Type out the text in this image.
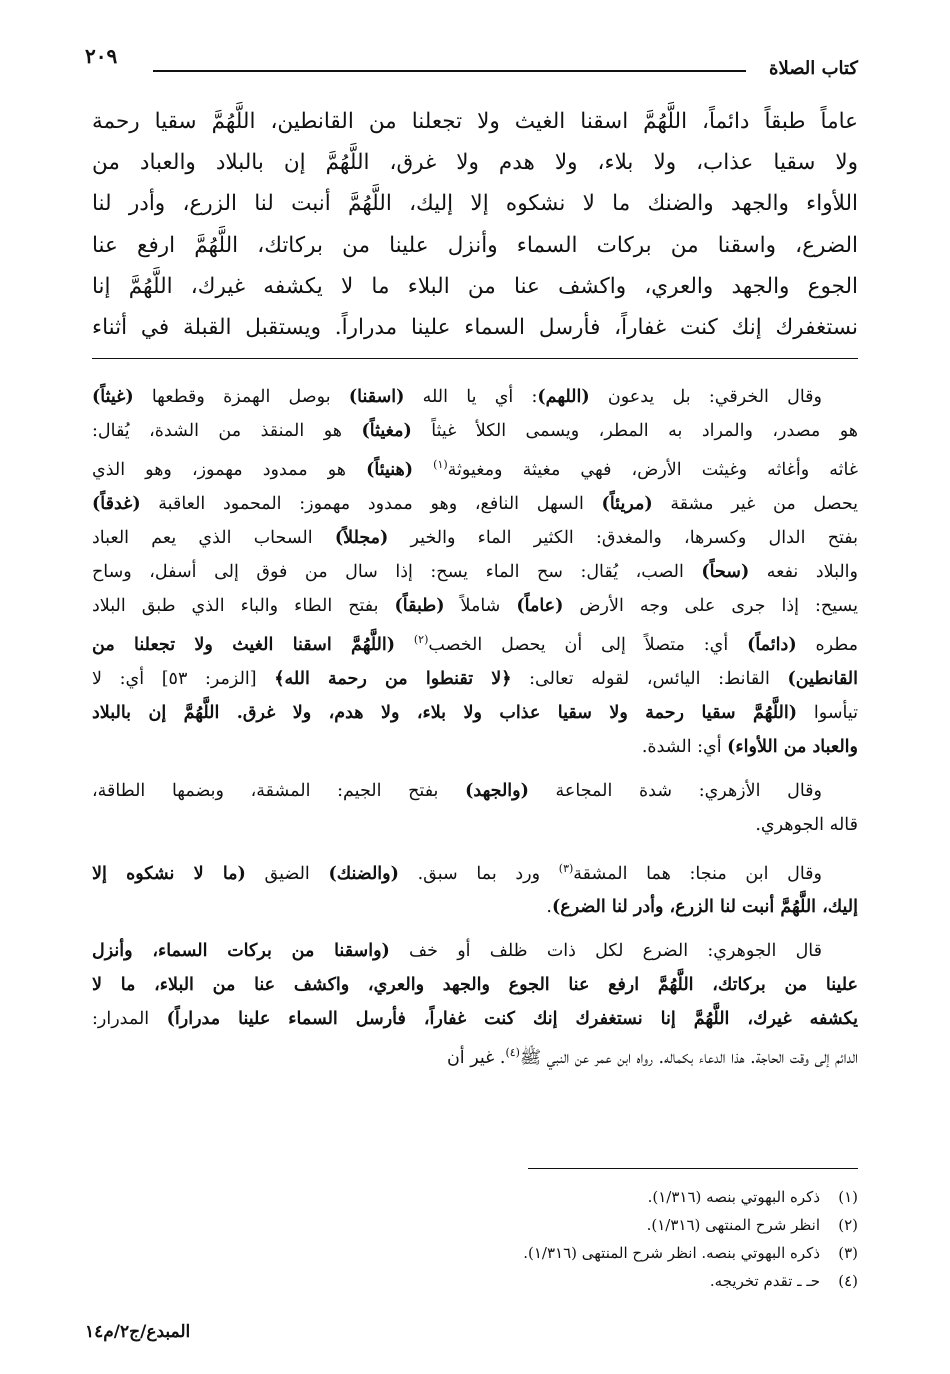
كتاب الصلاة
٢٠٩
عاماً طبقاً دائماً، اللَّهُمَّ اسقنا الغيث ولا تجعلنا من القانطين، اللَّهُمَّ سقيا رحمة
ولا سقيا عذاب، ولا بلاء، ولا هدم ولا غرق، اللَّهُمَّ إن بالبلاد والعباد من
اللأواء والجهد والضنك ما لا نشكوه إلا إليك، اللَّهُمَّ أنبت لنا الزرع، وأدر لنا
الضرع، واسقنا من بركات السماء وأنزل علينا من بركاتك، اللَّهُمَّ ارفع عنا
الجوع والجهد والعري، واكشف عنا من البلاء ما لا يكشفه غيرك، اللَّهُمَّ إنا
نستغفرك إنك كنت غفاراً، فأرسل السماء علينا مدراراً. ويستقبل القبلة في أثناء
وقال الخرقي: بل يدعون (اللهم): أي يا الله (اسقنا) بوصل الهمزة وقطعها (غيثاً)
هو مصدر، والمراد به المطر، ويسمى الكلأ غيثاً (مغيثاً) هو المنقذ من الشدة، يُقال:
غاثه وأغاثه وغيثت الأرض، فهي مغيثة ومغيوثة$^{(١)}$ (هنيئاً) هو ممدود مهموز، وهو الذي
يحصل من غير مشقة (مريئاً) السهل النافع، وهو ممدود مهموز: المحمود العاقبة (غدقاً)
بفتح الدال وكسرها، والمغدق: الكثير الماء والخير (مجللاً) السحاب الذي يعم العباد
والبلاد نفعه (سحاً) الصب، يُقال: سح الماء يسح: إذا سال من فوق إلى أسفل، وساح
يسيح: إذا جرى على وجه الأرض (عاماً) شاملاً (طبقاً) بفتح الطاء والباء الذي طبق البلاد
مطره (دائماً) أي: متصلاً إلى أن يحصل الخصب$^{(٢)}$ (اللَّهُمَّ اسقنا الغيث ولا تجعلنا من
القانطين) القانط: اليائس، لقوله تعالى: ﴿لا تقنطوا من رحمة الله﴾ [الزمر: ٥٣] أي: لا
تيأسوا (اللَّهُمَّ سقيا رحمة ولا سقيا عذاب ولا بلاء، ولا هدم، ولا غرق. اللَّهُمَّ إن بالبلاد
والعباد من اللأواء) أي: الشدة.
وقال الأزهري: شدة المجاعة (والجهد) بفتح الجيم: المشقة، وبضمها الطاقة،
قاله الجوهري.
وقال ابن منجا: هما المشقة$^{(٣)}$ ورد بما سبق. (والضنك) الضيق (ما لا نشكوه إلا
إليك، اللَّهُمَّ أنبت لنا الزرع، وأدر لنا الضرع).
قال الجوهري: الضرع لكل ذات ظلف أو خف (واسقنا من بركات السماء، وأنزل
علينا من بركاتك، اللَّهُمَّ ارفع عنا الجوع والجهد والعري، واكشف عنا من البلاء، ما لا
يكشفه غيرك، اللَّهُمَّ إنا نستغفرك إنك كنت غفاراً، فأرسل السماء علينا مدراراً) المدرار:
الدائم إلى وقت الحاجة. هذا الدعاء بكماله. رواه ابن عمر عن النبي ﷺ$^{(٤)}$. غير أن
(١)
ذكره البهوتي بنصه (١/٣١٦).
(٢)
انظر شرح المنتهى (١/٣١٦).
(٣)
ذكره البهوتي بنصه. انظر شرح المنتهى (١/٣١٦).
(٤)
حـ ـ تقدم تخريجه.
المبدع/ج٢/م١٤
